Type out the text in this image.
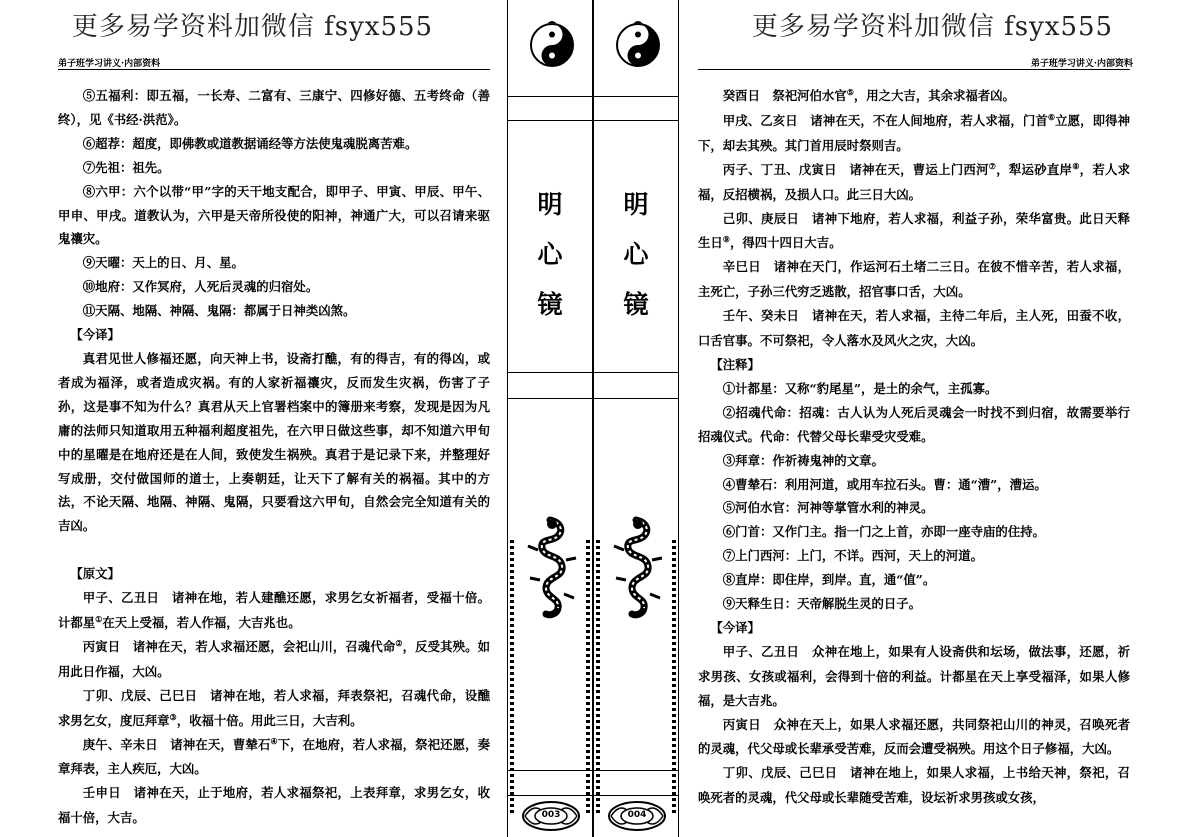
更多易学资料加微信 fsyx555
弟子班学习讲义·内部资料

⑤五福利：即五福，一长寿、二富有、三康宁、四修好德、五考终命（善终），见《书经·洪范》。

⑥超荐：超度，即佛教或道教据诵经等方法使鬼魂脱离苦难。

⑦先祖：祖先。

⑧六甲：六个以带“甲”字的天干地支配合，即甲子、甲寅、甲辰、甲午、甲申、甲戌。道教认为，六甲是天帝所役使的阳神，神通广大，可以召请来驱鬼禳灾。

⑨天曜：天上的日、月、星。

⑩地府：又作冥府，人死后灵魂的归宿处。

⑪天隔、地隔、神隔、鬼隔：都属于日神类凶煞。

【今译】

真君见世人修福还愿，向天神上书，设斋打醮，有的得吉，有的得凶，或者成为福泽，或者造成灾祸。有的人家祈福禳灾，反而发生灾祸，伤害了子孙，这是事不知为什么？真君从天上官署档案中的簿册来考察，发现是因为凡庸的法师只知道取用五种福利超度祖先，在六甲日做这些事，却不知道六甲旬中的星曜是在地府还是在人间，致使发生祸殃。真君于是记录下来，并整理好写成册，交付做国师的道士，上奏朝廷，让天下了解有关的祸福。其中的方法，不论天隔、地隔、神隔、鬼隔，只要看这六甲旬，自然会完全知道有关的吉凶。

【原文】

甲子、乙丑日　 诸神在地，若人建醮还愿，求男乞女祈福者，受福十倍。计都星①在天上受福，若人作福，大吉兆也。

丙寅日　 诸神在天，若人求福还愿，会祀山川，召魂代命②，反受其殃。如用此日作福，大凶。

丁卯、戊辰、己巳日　 诸神在地，若人求福，拜表祭祀，召魂代命，设醮求男乞女，度厄拜章③，收福十倍。用此三日，大吉利。

庚午、辛未日　 诸神在天，曹辇石④下，在地府，若人求福，祭祀还愿，奏章拜表，主人疾厄，大凶。

壬申日　 诸神在天，止于地府，若人求福祭祀，上表拜章，求男乞女，收福十倍，大吉。

明
心
镜
003
明
心
镜
004
更多易学资料加微信 fsyx555
弟子班学习讲义·内部资料

癸酉日　 祭祀河伯水官⑤，用之大吉，其余求福者凶。

甲戌、乙亥日　 诸神在天，不在人间地府，若人求福，门首⑥立愿，即得神下，却去其殃。其门首用辰时祭则吉。

丙子、丁丑、戊寅日　 诸神在天，曹运上门西河⑦，犁运砂直岸⑧，若人求福，反招横祸，及损人口。此三日大凶。

己卯、庚辰日　 诸神下地府，若人求福，利益子孙，荣华富贵。此日天释生日⑨，得四十四日大吉。

辛巳日　 诸神在天门，作运河石土堵二三日。在彼不惜辛苦，若人求福，主死亡，子孙三代穷乏逃散，招官事口舌，大凶。

壬午、癸未日　 诸神在天，若人求福，主待二年后，主人死，田蚕不收，口舌官事。不可祭祀，令人落水及风火之灾，大凶。

【注释】

①计都星：又称“豹尾星”，是土的余气，主孤寡。

②招魂代命：招魂：古人认为人死后灵魂会一时找不到归宿，故需要举行招魂仪式。代命：代替父母长辈受灾受难。

③拜章：作祈祷鬼神的文章。

④曹辇石：利用河道，或用车拉石头。曹：通“漕”，漕运。

⑤河伯水官：河神等掌管水利的神灵。

⑥门首：又作门主。指一门之上首，亦即一座寺庙的住持。

⑦上门西河：上门，不详。西河，天上的河道。

⑧直岸：即住岸，到岸。直，通“值”。

⑨天释生日：天帝解脱生灵的日子。

【今译】

甲子、乙丑日　 众神在地上，如果有人设斋供和坛场，做法事，还愿，祈求男孩、女孩或福利，会得到十倍的利益。计都星在天上享受福泽，如果人修福，是大吉兆。

丙寅日　 众神在天上，如果人求福还愿，共同祭祀山川的神灵，召唤死者的灵魂，代父母或长辈承受苦难，反而会遭受祸殃。用这个日子修福，大凶。

丁卯、戊辰、己巳日　 诸神在地上，如果人求福，上书给天神，祭祀，召唤死者的灵魂，代父母或长辈随受苦难，设坛祈求男孩或女孩，
